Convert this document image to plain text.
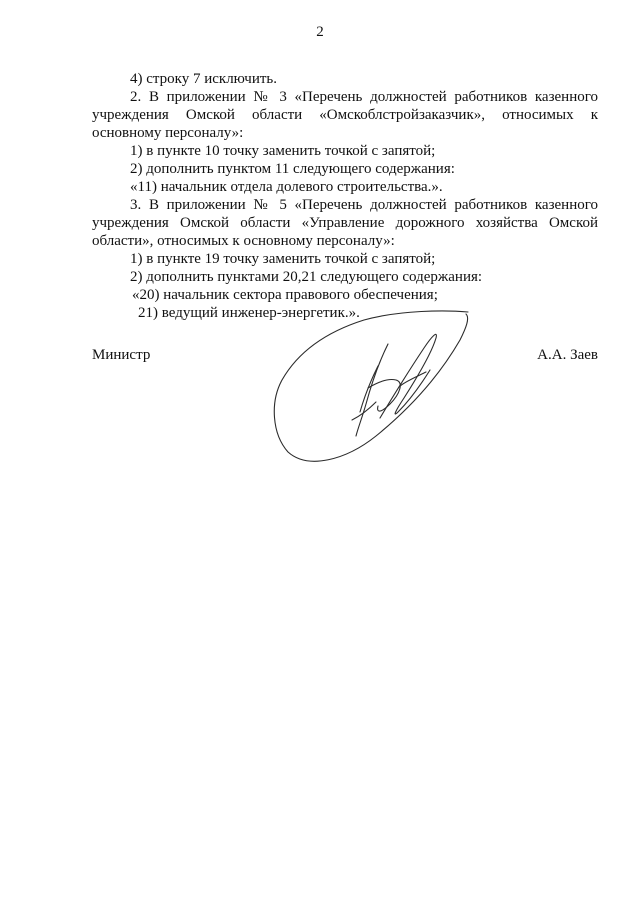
2

4) строку 7 исключить.

2. В приложении № 3 «Перечень должностей работников казенного учреждения Омской области «Омскоблстройзаказчик», относимых к основному персоналу»:

1) в пункте 10 точку заменить точкой с запятой;

2) дополнить пунктом 11 следующего содержания:

«11) начальник отдела долевого строительства.».

3. В приложении № 5 «Перечень должностей работников казенного учреждения Омской области «Управление дорожного хозяйства Омской области», относимых к основному персоналу»:

1) в пункте 19 точку заменить точкой с запятой;

2) дополнить пунктами 20,21 следующего содержания:

«20) начальник сектора правового обеспечения;

21) ведущий инженер-энергетик.».

Министр	А.А. Заев
